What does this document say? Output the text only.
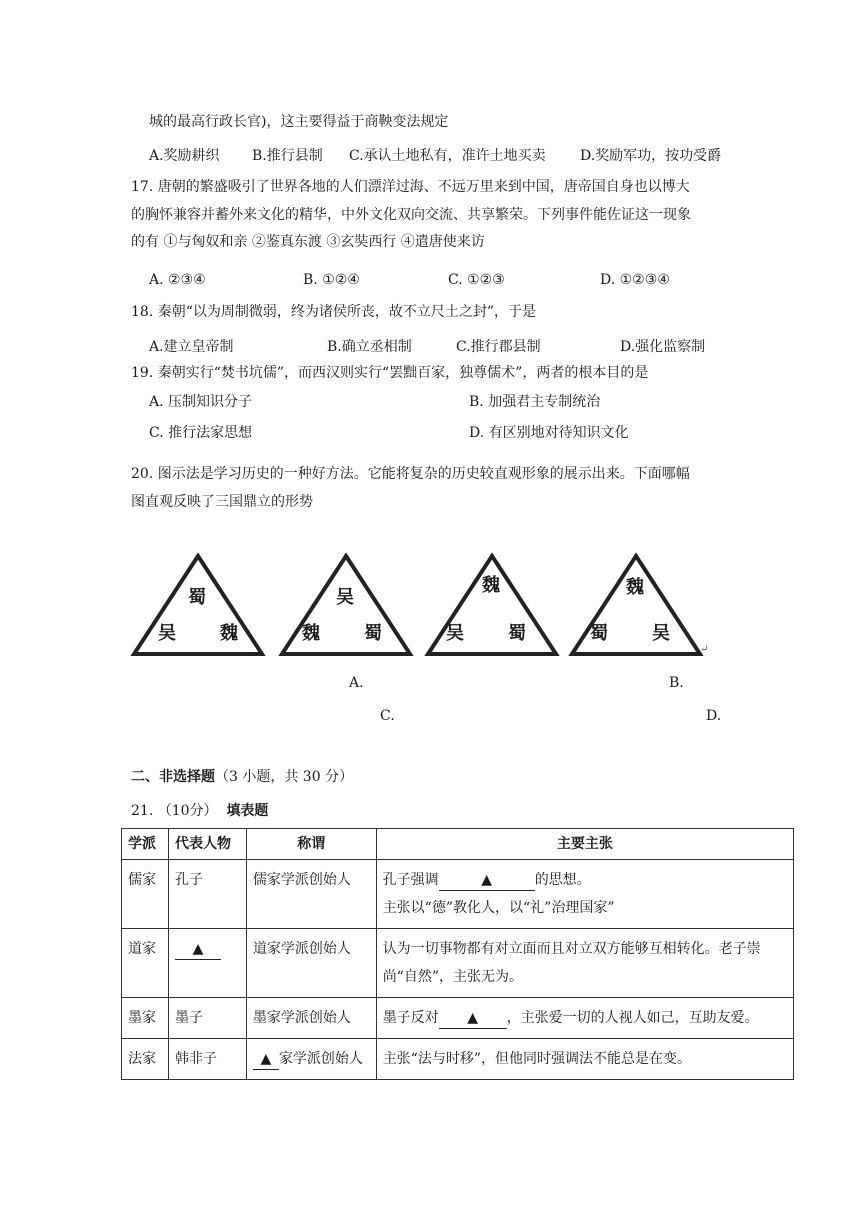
城的最高行政长官)，这主要得益于商鞅变法规定
A.奖励耕织 B.推行县制 C.承认土地私有，准许土地买卖 D.奖励军功，按功受爵
17. 唐朝的繁盛吸引了世界各地的人们漂洋过海、不远万里来到中国，唐帝国自身也以博大
的胸怀兼容并蓄外来文化的精华，中外文化双向交流、共享繁荣。下列事件能佐证这一现象
的有 ①与匈奴和亲 ②鉴真东渡 ③玄奘西行 ④遣唐使来访
A. ②③④	B. ①②④	C. ①②③	D. ①②③④
18. 秦朝“以为周制微弱，终为诸侯所丧，故不立尺土之封”，于是
A.建立皇帝制	B.确立丞相制	C.推行郡县制	D.强化监察制
19. 秦朝实行“焚书坑儒”，而西汉则实行“罢黜百家，独尊儒术”，两者的根本目的是
A. 压制知识分子	B. 加强君主专制统治
C. 推行法家思想	D. 有区别地对待知识文化
20. 图示法是学习历史的一种好方法。它能将复杂的历史较直观形象的展示出来。下面哪幅
图直观反映了三国鼎立的形势
蜀
吴 魏
吴
魏 蜀
魏
吴 蜀
魏
蜀 吴
↵
A.	B.
C.	D.
二、非选择题（3 小题，共 30 分）
21. （10分） 填表题
学派	代表人物	称谓	主要主张
儒家	孔子	儒家学派创始人	孔子强调 ▲ 的思想。
主张以“德”教化人，以“礼”治理国家”
道家	▲	道家学派创始人	认为一切事物都有对立面而且对立双方能够互相转化。老子崇尚“自然”，主张无为。
墨家	墨子	墨家学派创始人	墨子反对 ▲ ，主张爱一切的人视人如己，互助友爱。
法家	韩非子	▲ 家学派创始人	主张“法与时移”，但他同时强调法不能总是在变。
